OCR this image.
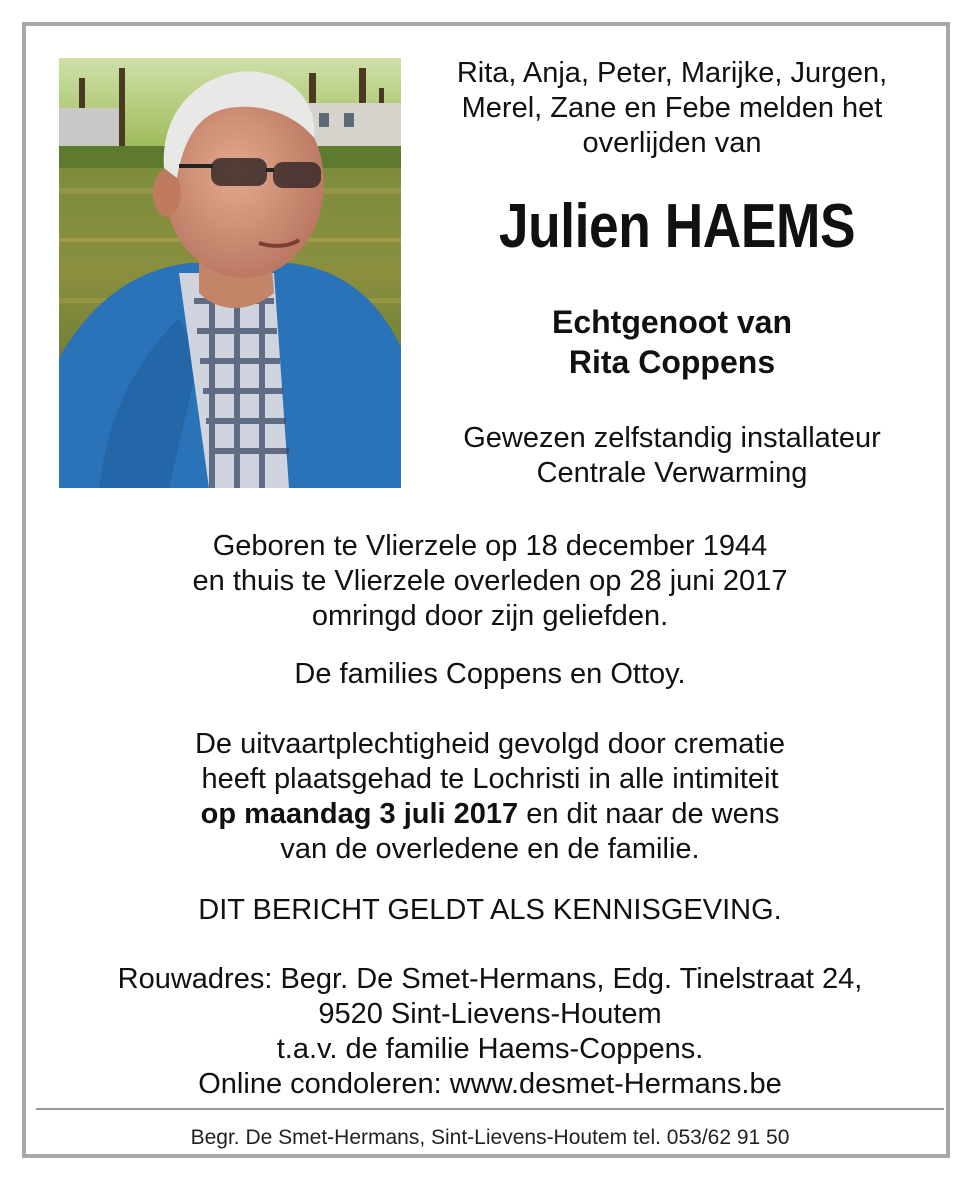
Rita, Anja, Peter, Marijke, Jurgen,
Merel, Zane en Febe melden het
overlijden van
Julien HAEMS
Echtgenoot van
Rita Coppens
Gewezen zelfstandig installateur
Centrale Verwarming
Geboren te Vlierzele op 18 december 1944
en thuis te Vlierzele overleden op 28 juni 2017
omringd door zijn geliefden.
De families Coppens en Ottoy.
De uitvaartplechtigheid gevolgd door crematie
heeft plaatsgehad te Lochristi in alle intimiteit
op maandag 3 juli 2017 en dit naar de wens
van de overledene en de familie.
DIT BERICHT GELDT ALS KENNISGEVING.
Rouwadres: Begr. De Smet-Hermans, Edg. Tinelstraat 24,
9520 Sint-Lievens-Houtem
t.a.v. de familie Haems-Coppens.
Online condoleren: www.desmet-Hermans.be
Begr. De Smet-Hermans, Sint-Lievens-Houtem tel. 053/62 91 50
